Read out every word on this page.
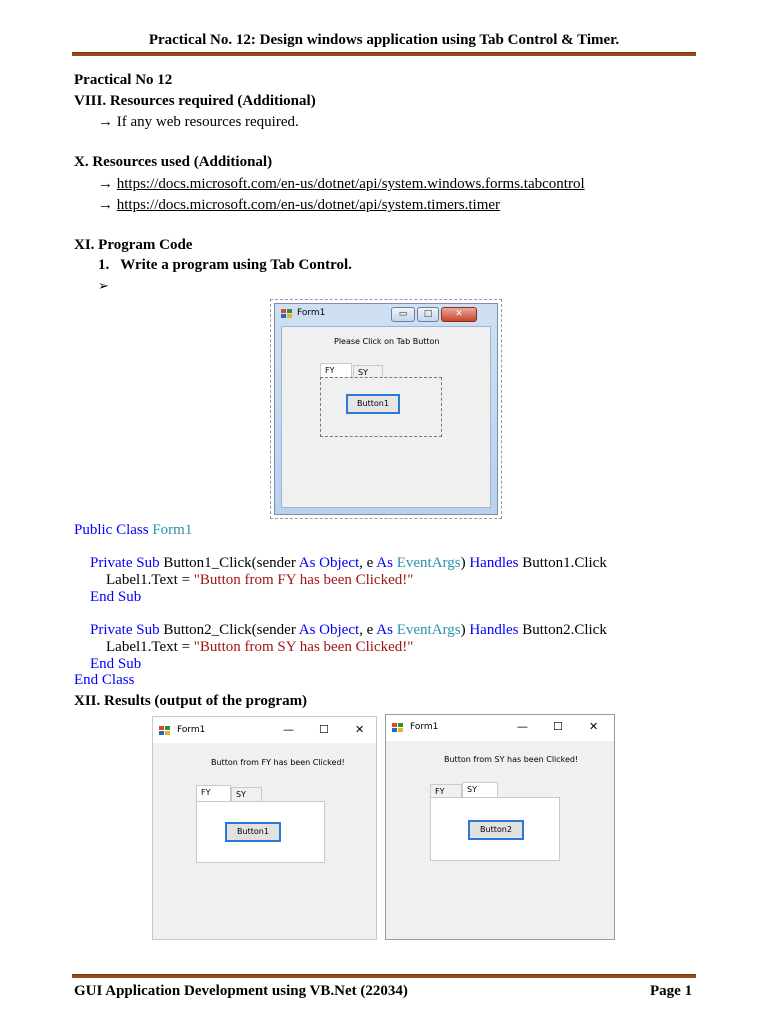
Practical No. 12: Design windows application using Tab Control & Timer.
Practical No 12
VIII. Resources required (Additional)
→ If any web resources required.
X. Resources used (Additional)
→ https://docs.microsoft.com/en-us/dotnet/api/system.windows.forms.tabcontrol
→ https://docs.microsoft.com/en-us/dotnet/api/system.timers.timer
XI. Program Code
1. Write a program using Tab Control.
➢
Form1	▭	□	✕
Please Click on Tab Button
FY	SY
Button1
Public Class Form1
Private Sub Button1_Click(sender As Object, e As EventArgs) Handles Button1.Click
Label1.Text = "Button from FY has been Clicked!"
End Sub
Private Sub Button2_Click(sender As Object, e As EventArgs) Handles Button2.Click
Label1.Text = "Button from SY has been Clicked!"
End Sub
End Class
XII. Results (output of the program)
Form1	— ☐ ✕
Button from FY has been Clicked!
FY	SY
Button1
Form1	— ☐ ✕
Button from SY has been Clicked!
FY	SY
Button2
GUI Application Development using VB.Net (22034)	Page 1
